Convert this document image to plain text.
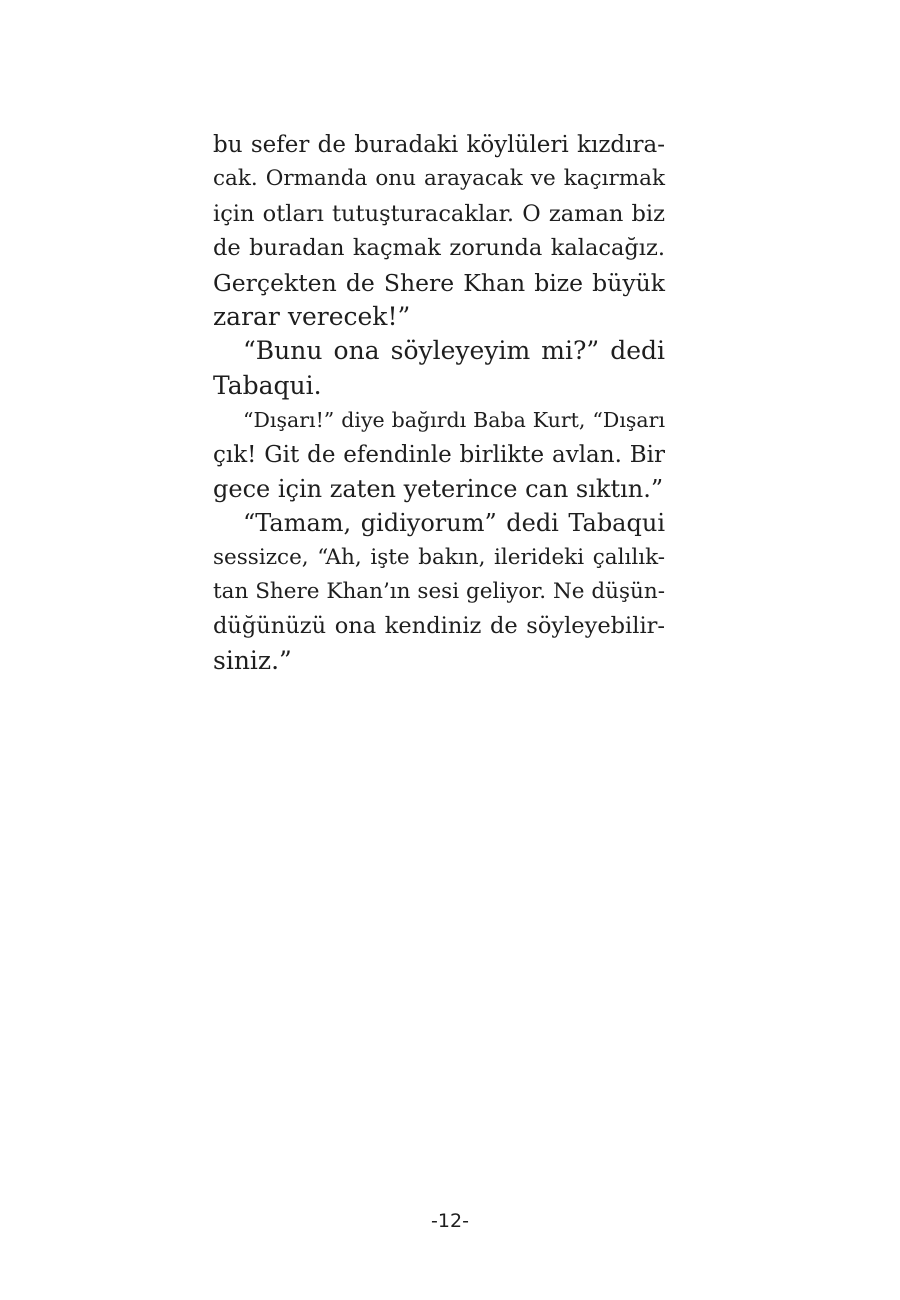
bu sefer de buradaki köylüleri kızdıra-
cak. Ormanda onu arayacak ve kaçırmak
için otları tutuşturacaklar. O zaman biz
de buradan kaçmak zorunda kalacağız.
Gerçekten de Shere Khan bize büyük
zarar verecek!”
“Bunu ona söyleyeyim mi?” dedi
Tabaqui.
“Dışarı!” diye bağırdı Baba Kurt, “Dışarı
çık! Git de efendinle birlikte avlan. Bir
gece için zaten yeterince can sıktın.”
“Tamam, gidiyorum” dedi Tabaqui
sessizce, “Ah, işte bakın, ilerideki çalılık-
tan Shere Khan’ın sesi geliyor. Ne düşün-
düğünüzü ona kendiniz de söyleyebilir-
siniz.”
-12-
